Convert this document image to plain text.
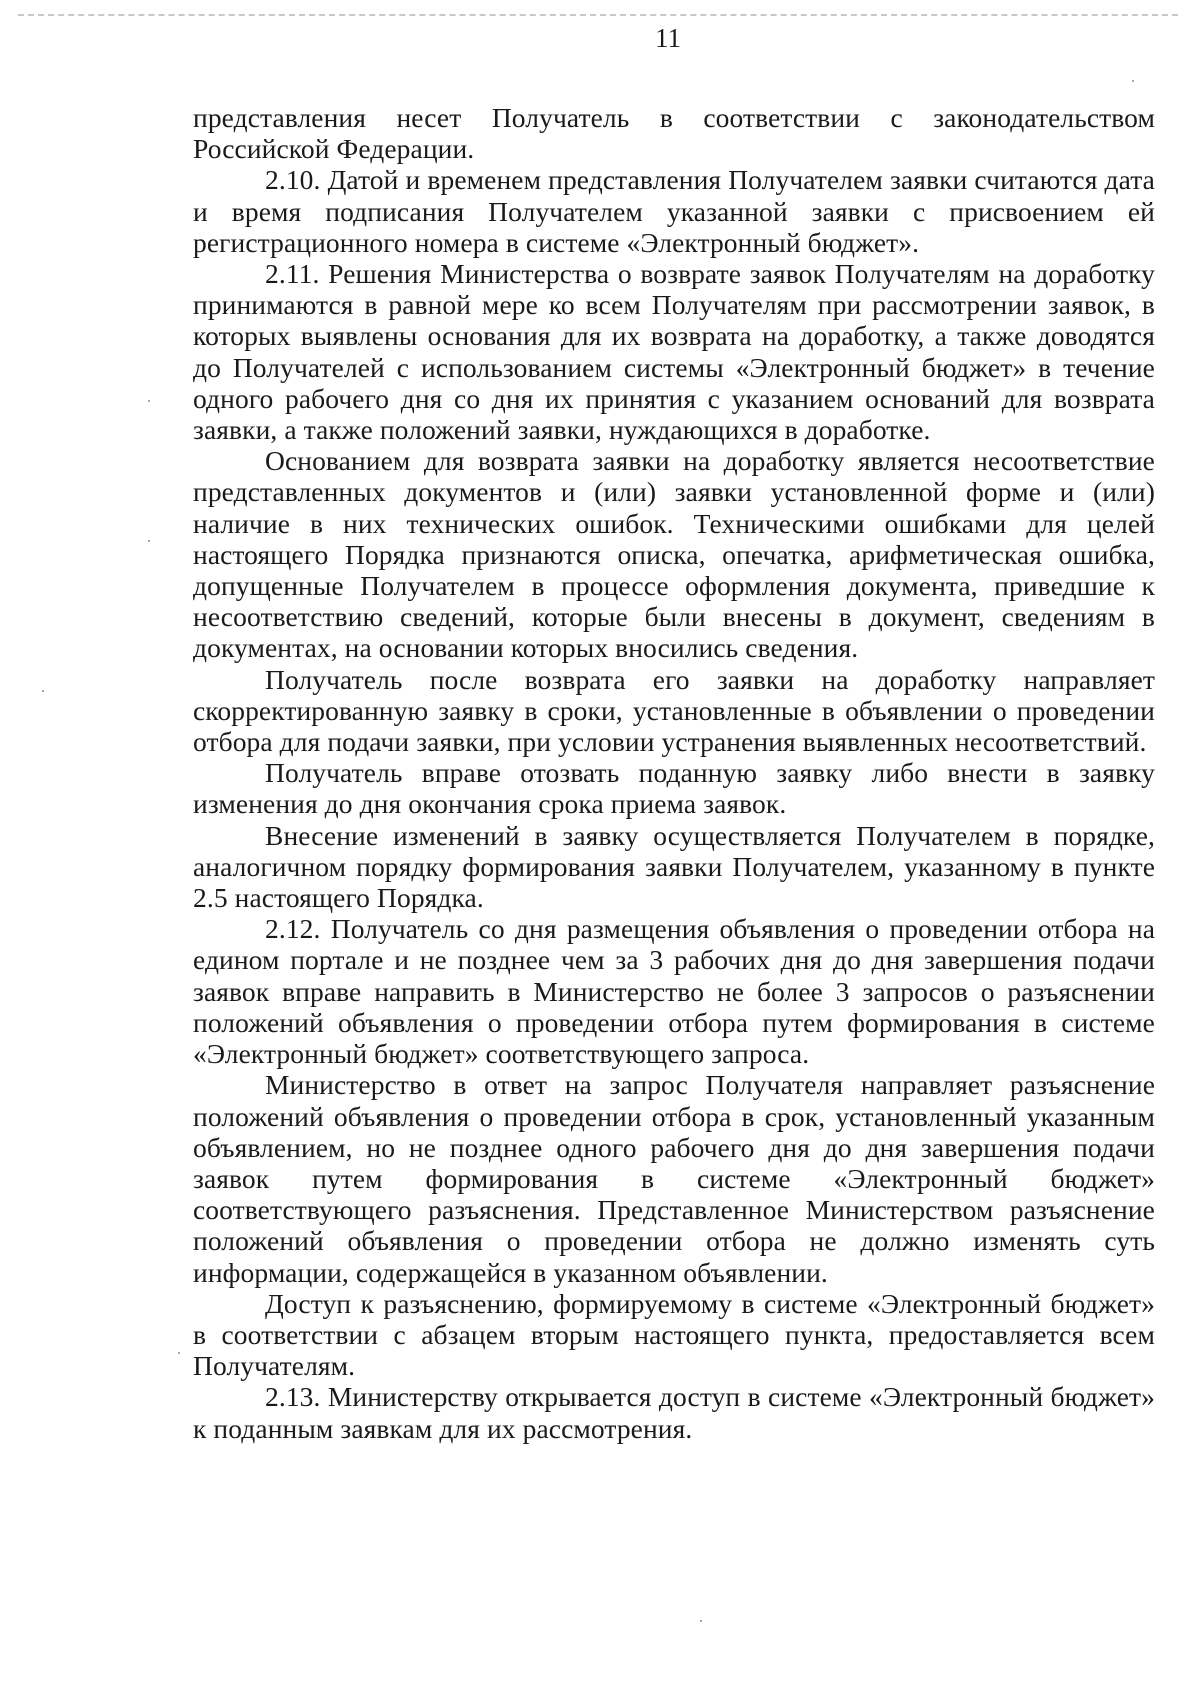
11

представления несет Получатель в соответствии с законодательством Российской Федерации.

2.10. Датой и временем представления Получателем заявки считаются дата и время подписания Получателем указанной заявки с присвоением ей регистрационного номера в системе «Электронный бюджет».

2.11. Решения Министерства о возврате заявок Получателям на доработку принимаются в равной мере ко всем Получателям при рассмотрении заявок, в которых выявлены основания для их возврата на доработку, а также доводятся до Получателей с использованием системы «Электронный бюджет» в течение одного рабочего дня со дня их принятия с указанием оснований для возврата заявки, а также положений заявки, нуждающихся в доработке.

Основанием для возврата заявки на доработку является несоответствие представленных документов и (или) заявки установленной форме и (или) наличие в них технических ошибок. Техническими ошибками для целей настоящего Порядка признаются описка, опечатка, арифметическая ошибка, допущенные Получателем в процессе оформления документа, приведшие к несоответствию сведений, которые были внесены в документ, сведениям в документах, на основании которых вносились сведения.

Получатель после возврата его заявки на доработку направляет скорректированную заявку в сроки, установленные в объявлении о проведении отбора для подачи заявки, при условии устранения выявленных несоответствий.

Получатель вправе отозвать поданную заявку либо внести в заявку изменения до дня окончания срока приема заявок.

Внесение изменений в заявку осуществляется Получателем в порядке, аналогичном порядку формирования заявки Получателем, указанному в пункте 2.5 настоящего Порядка.

2.12. Получатель со дня размещения объявления о проведении отбора на едином портале и не позднее чем за 3 рабочих дня до дня завершения подачи заявок вправе направить в Министерство не более 3 запросов о разъяснении положений объявления о проведении отбора путем формирования в системе «Электронный бюджет» соответствующего запроса.

Министерство в ответ на запрос Получателя направляет разъяснение положений объявления о проведении отбора в срок, установленный указанным объявлением, но не позднее одного рабочего дня до дня завершения подачи заявок путем формирования в системе «Электронный бюджет» соответствующего разъяснения. Представленное Министерством разъяснение положений объявления о проведении отбора не должно изменять суть информации, содержащейся в указанном объявлении.

Доступ к разъяснению, формируемому в системе «Электронный бюджет» в соответствии с абзацем вторым настоящего пункта, предоставляется всем Получателям.

2.13. Министерству открывается доступ в системе «Электронный бюджет» к поданным заявкам для их рассмотрения.
